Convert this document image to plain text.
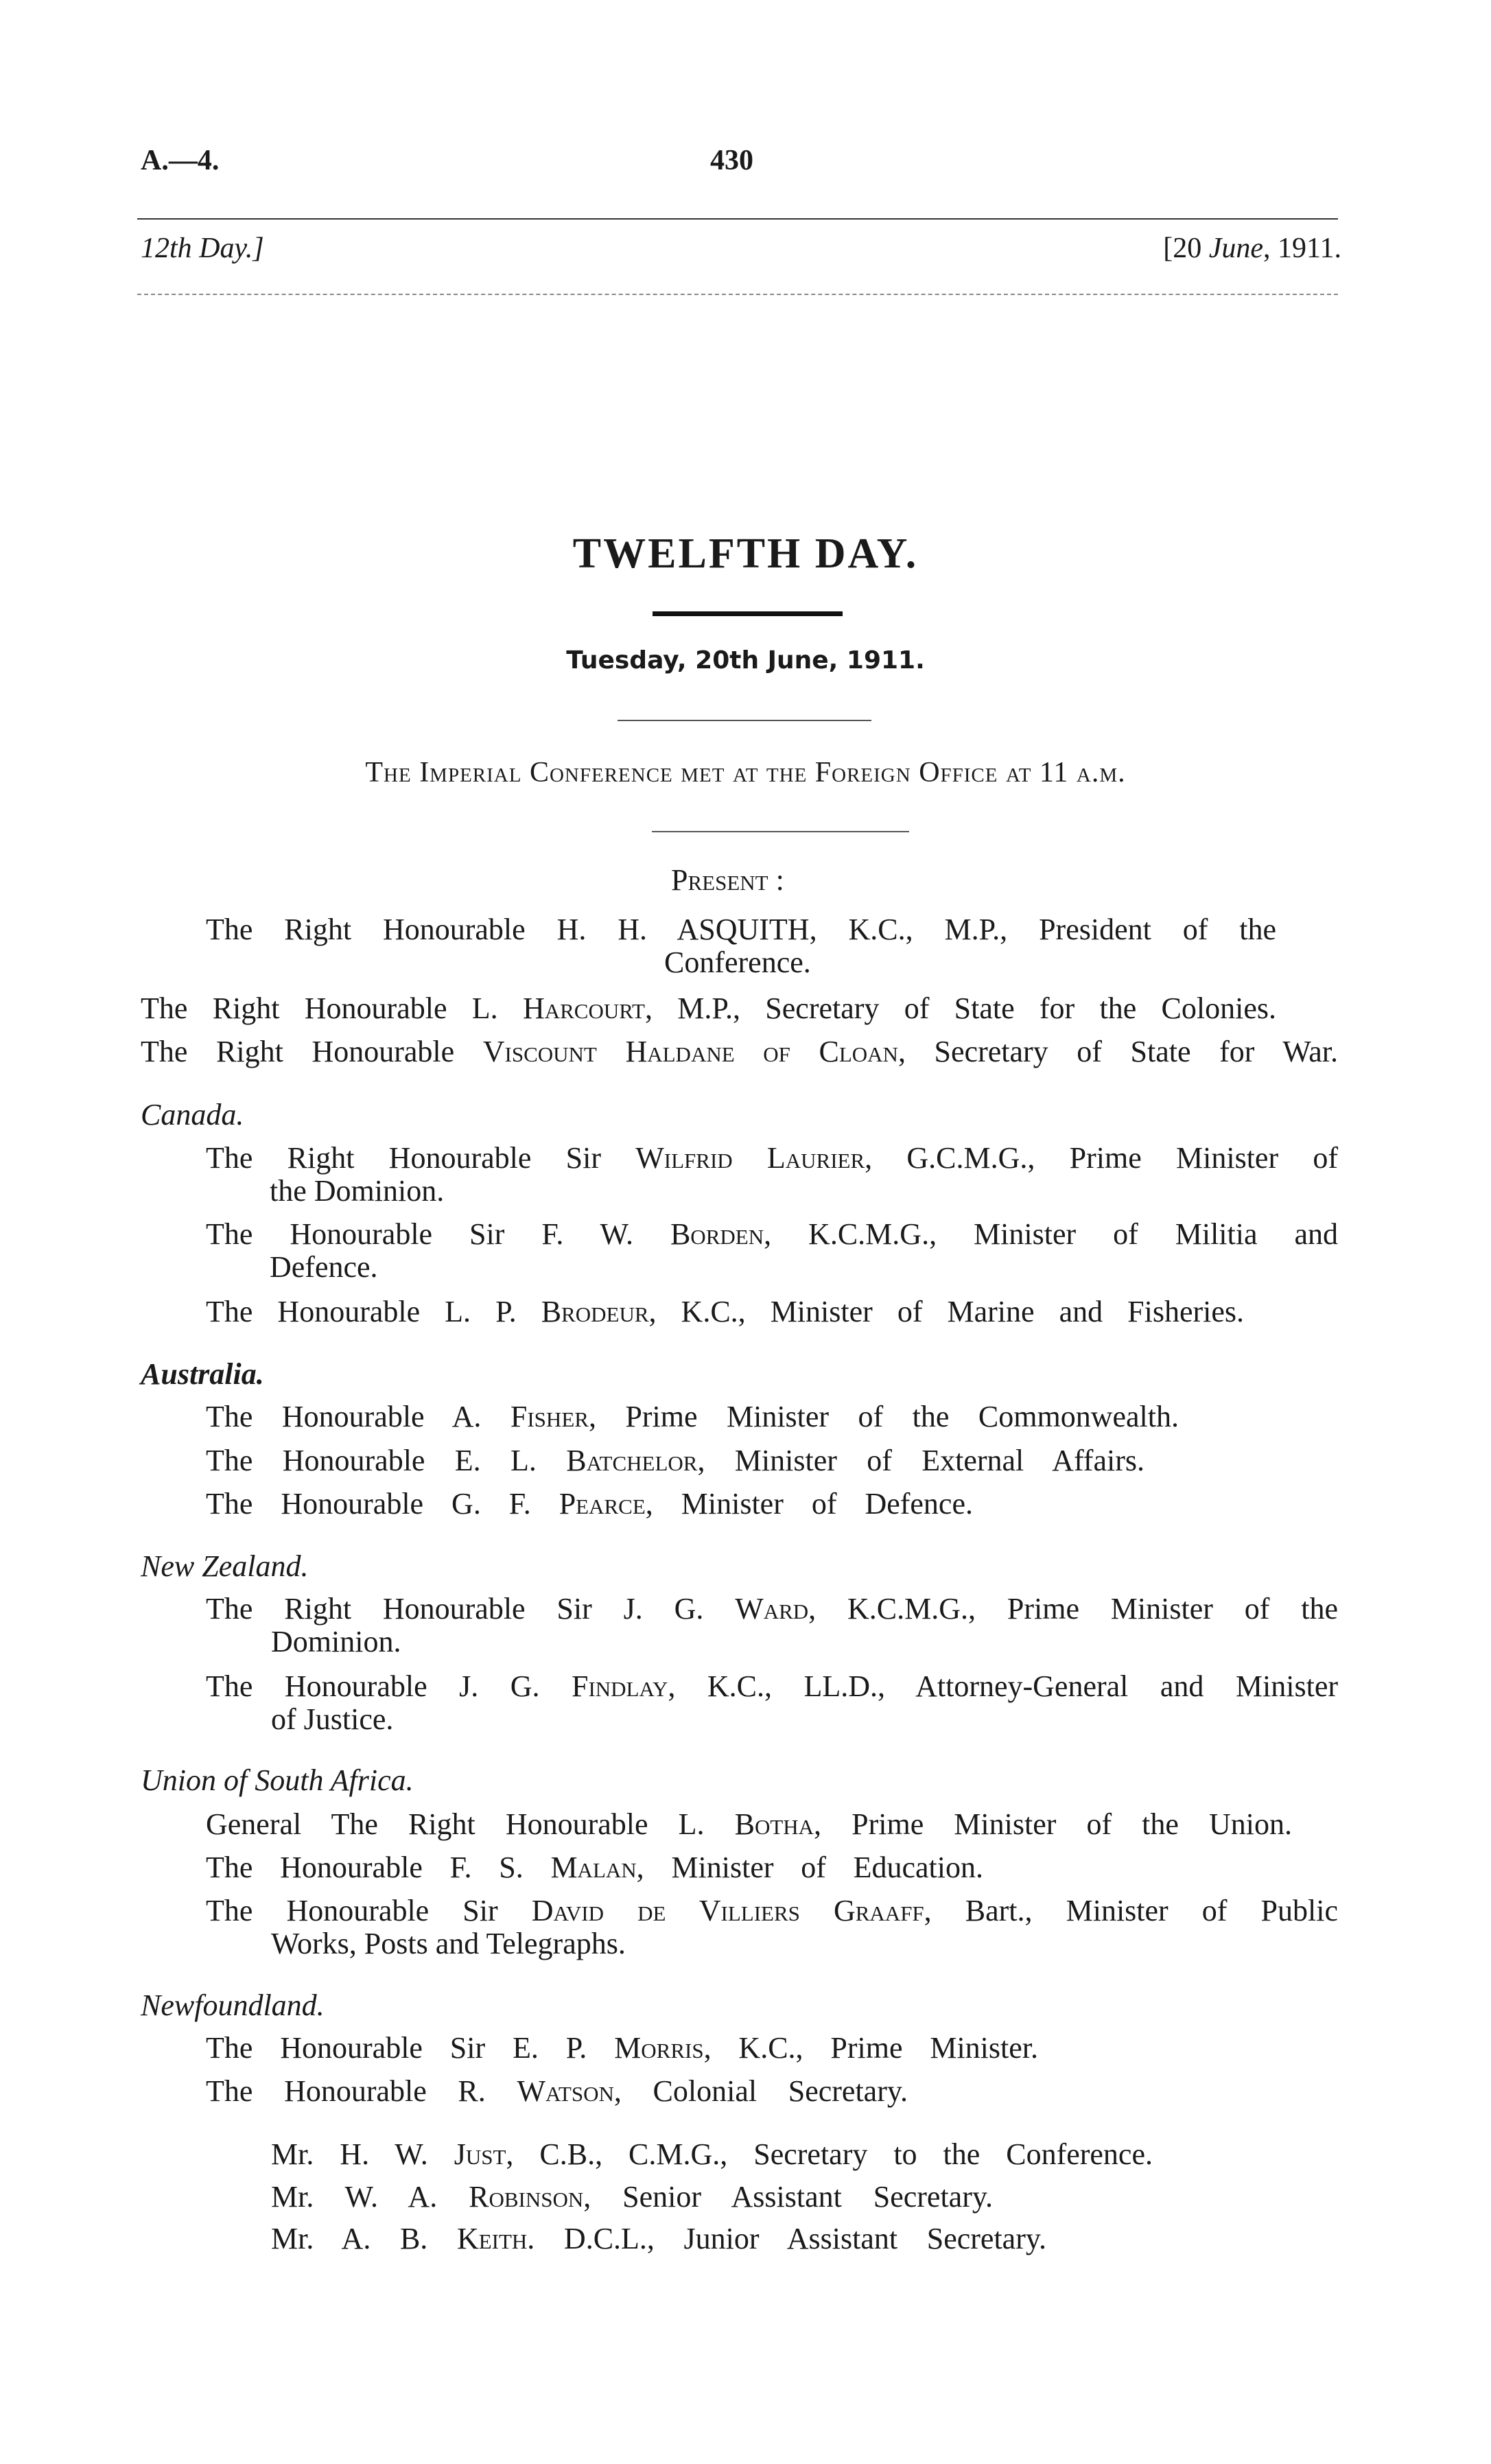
A.—4.	430
12th Day.]	[20 June, 1911.
TWELFTH DAY.
Tuesday, 20th June, 1911.
The Imperial Conference met at the Foreign Office at 11 a.m.
Present :
The Right Honourable H. H. ASQUITH, K.C., M.P., President of the
Conference.
The Right Honourable L. Harcourt, M.P., Secretary of State for the Colonies.
The Right Honourable Viscount Haldane of Cloan, Secretary of State for War.
Canada.
The Right Honourable Sir Wilfrid Laurier, G.C.M.G., Prime Minister of
the Dominion.
The Honourable Sir F. W. Borden, K.C.M.G., Minister of Militia and
Defence.
The Honourable L. P. Brodeur, K.C., Minister of Marine and Fisheries.
Australia.
The Honourable A. Fisher, Prime Minister of the Commonwealth.
The Honourable E. L. Batchelor, Minister of External Affairs.
The Honourable G. F. Pearce, Minister of Defence.
New Zealand.
The Right Honourable Sir J. G. Ward, K.C.M.G., Prime Minister of the
Dominion.
The Honourable J. G. Findlay, K.C., LL.D., Attorney-General and Minister
of Justice.
Union of South Africa.
General The Right Honourable L. Botha, Prime Minister of the Union.
The Honourable F. S. Malan, Minister of Education.
The Honourable Sir David de Villiers Graaff, Bart., Minister of Public
Works, Posts and Telegraphs.
Newfoundland.
The Honourable Sir E. P. Morris, K.C., Prime Minister.
The Honourable R. Watson, Colonial Secretary.
Mr. H. W. Just, C.B., C.M.G., Secretary to the Conference.
Mr. W. A. Robinson, Senior Assistant Secretary.
Mr. A. B. Keith. D.C.L., Junior Assistant Secretary.
